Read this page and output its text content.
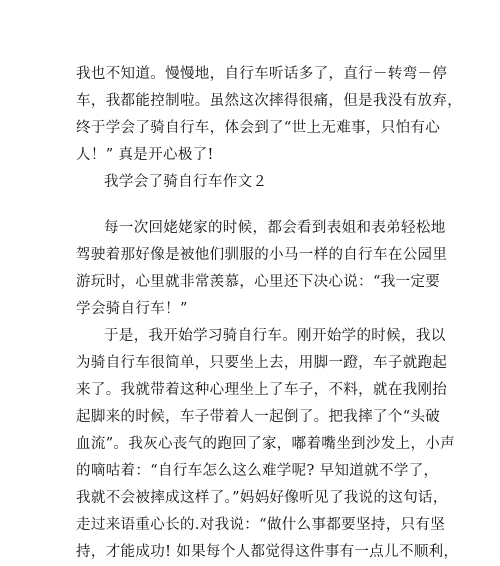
我也不知道。慢慢地，自行车听话多了，直行－转弯－停
车，我都能控制啦。虽然这次摔得很痛，但是我没有放弃，
终于学会了骑自行车，体会到了“世上无难事，只怕有心
人！” 真是开心极了!
我学会了骑自行车作文２
每一次回姥姥家的时候，都会看到表姐和表弟轻松地
驾驶着那好像是被他们驯服的小马一样的自行车在公园里
游玩时，心里就非常羡慕，心里还下决心说：“我一定要
学会骑自行车！”
于是，我开始学习骑自行车。刚开始学的时候，我以
为骑自行车很简单，只要坐上去，用脚一蹬，车子就跑起
来了。我就带着这种心理坐上了车子，不料，就在我刚抬
起脚来的时候，车子带着人一起倒了。把我摔了个“头破
血流”。我灰心丧气的跑回了家，嘟着嘴坐到沙发上，小声
的嘀咕着：“自行车怎么这么难学呢? 早知道就不学了，
我就不会被摔成这样了。”妈妈好像听见了我说的这句话，
走过来语重心长的.对我说：“做什么事都要坚持，只有坚
持，才能成功! 如果每个人都觉得这件事有一点儿不顺利，
